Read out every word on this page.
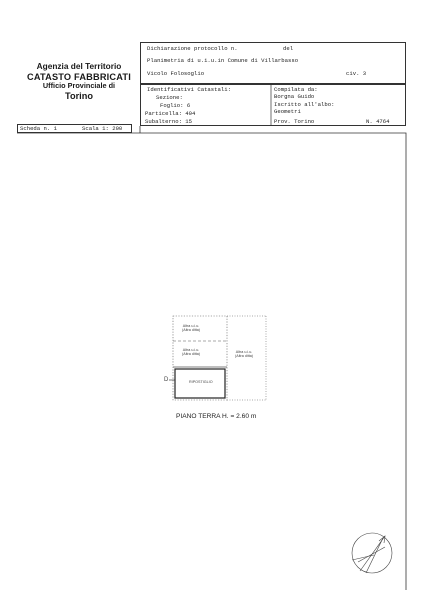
Agenzia del Territorio
CATASTO FABBRICATI
Ufficio Provinciale di
Torino
Dichiarazione protocollo n.	del
Planimetria di u.i.u.in Comune di Villarbasso
Vicolo Folosoglio	civ. 3
Identificativi Catastali:
Sezione:
Foglio: 6
Particella: 404
Subalterno: 15
Compilata da:
Borgna Guido
Iscritto all'albo:
Geometri
Prov. Torino	N. 4764
Scheda n. 1	Scala 1: 200
Altra u.i.u.
(Altra ditta)
Altra u.i.u.
(Altra ditta)
Altra u.i.u.
(Altra ditta)
RIPOSTIGLIO
D
PIANO TERRA H. = 2.60 m
